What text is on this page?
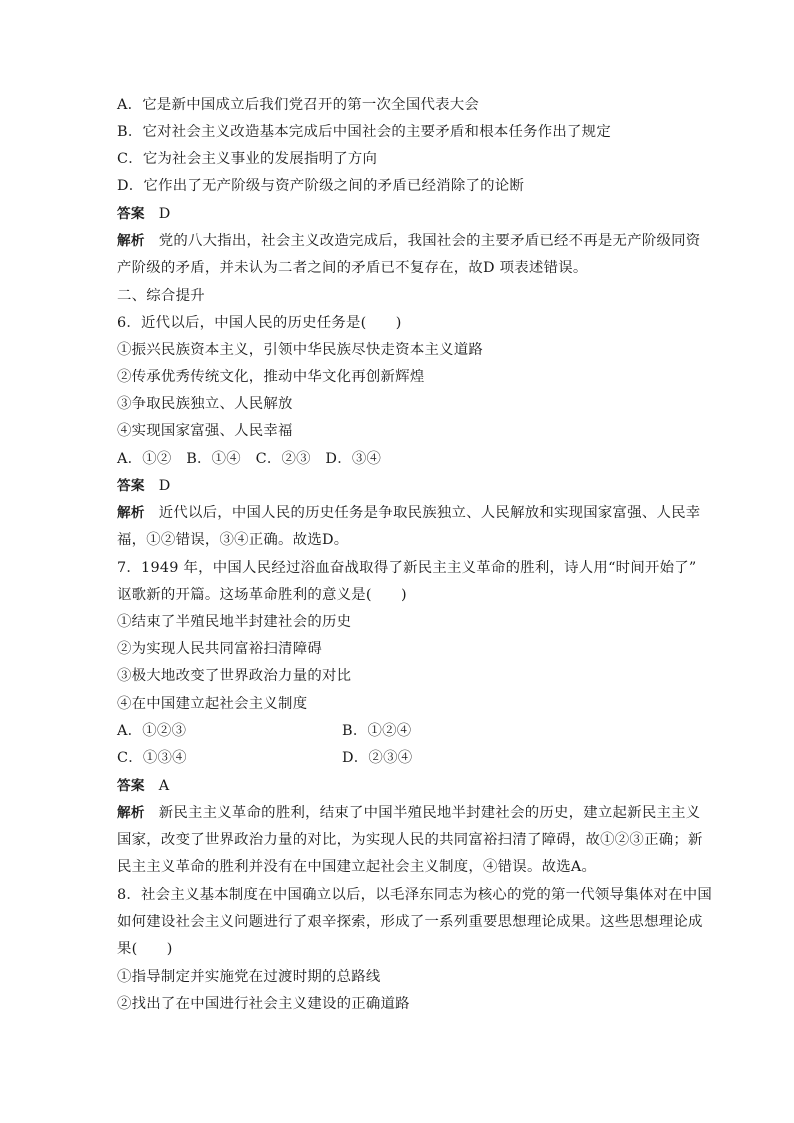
A．它是新中国成立后我们党召开的第一次全国代表大会
B．它对社会主义改造基本完成后中国社会的主要矛盾和根本任务作出了规定
C．它为社会主义事业的发展指明了方向
D．它作出了无产阶级与资产阶级之间的矛盾已经消除了的论断
答案 D
解析 党的八大指出，社会主义改造完成后，我国社会的主要矛盾已经不再是无产阶级同资
产阶级的矛盾，并未认为二者之间的矛盾已不复存在，故D 项表述错误。
二、综合提升
6．近代以后，中国人民的历史任务是(　　)
①振兴民族资本主义，引领中华民族尽快走资本主义道路
②传承优秀传统文化，推动中华文化再创新辉煌
③争取民族独立、人民解放
④实现国家富强、人民幸福
A．①②　B．①④　C．②③　D．③④
答案 D
解析 近代以后，中国人民的历史任务是争取民族独立、人民解放和实现国家富强、人民幸
福，①②错误，③④正确。故选D。
7．1949 年，中国人民经过浴血奋战取得了新民主主义革命的胜利，诗人用“时间开始了”
讴歌新的开篇。这场革命胜利的意义是(　　)
①结束了半殖民地半封建社会的历史
②为实现人民共同富裕扫清障碍
③极大地改变了世界政治力量的对比
④在中国建立起社会主义制度
A．①②③	B．①②④
C．①③④	D．②③④
答案 A
解析 新民主主义革命的胜利，结束了中国半殖民地半封建社会的历史，建立起新民主主义
国家，改变了世界政治力量的对比，为实现人民的共同富裕扫清了障碍，故①②③正确；新
民主主义革命的胜利并没有在中国建立起社会主义制度，④错误。故选A。
8．社会主义基本制度在中国确立以后，以毛泽东同志为核心的党的第一代领导集体对在中国
如何建设社会主义问题进行了艰辛探索，形成了一系列重要思想理论成果。这些思想理论成
果(　　)
①指导制定并实施党在过渡时期的总路线
②找出了在中国进行社会主义建设的正确道路
